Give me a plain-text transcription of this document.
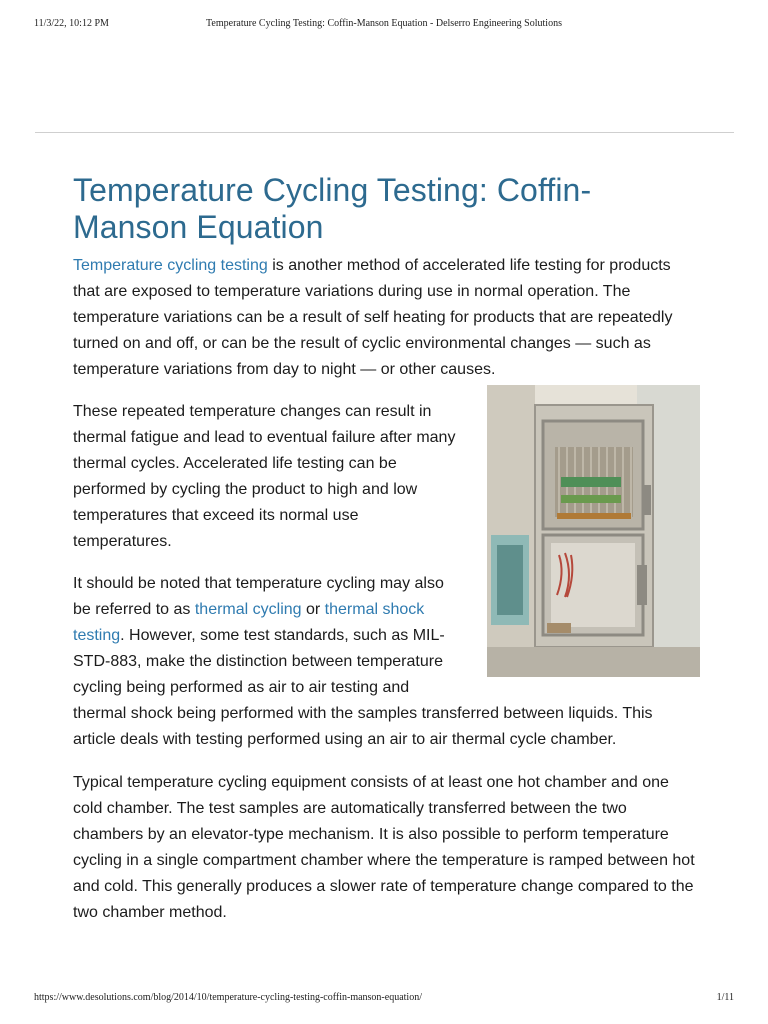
11/3/22, 10:12 PM	Temperature Cycling Testing: Coffin-Manson Equation - Delserro Engineering Solutions
Temperature Cycling Testing: Coffin-Manson Equation

Temperature cycling testing is another method of accelerated life testing for products that are exposed to temperature variations during use in normal operation. The temperature variations can be a result of self heating for products that are repeatedly turned on and off, or can be the result of cyclic environmental changes — such as temperature variations from day to night — or other causes.

These repeated temperature changes can result in thermal fatigue and lead to eventual failure after many thermal cycles. Accelerated life testing can be performed by cycling the product to high and low temperatures that exceed its normal use temperatures.

It should be noted that temperature cycling may also be referred to as thermal cycling or thermal shock testing. However, some test standards, such as MIL-STD-883, make the distinction between temperature cycling being performed as air to air testing and thermal shock being performed with the samples transferred between liquids. This article deals with testing performed using an air to air thermal cycle chamber.

Typical temperature cycling equipment consists of at least one hot chamber and one cold chamber. The test samples are automatically transferred between the two chambers by an elevator-type mechanism. It is also possible to perform temperature cycling in a single compartment chamber where the temperature is ramped between hot and cold. This generally produces a slower rate of temperature change compared to the two chamber method.

https://www.desolutions.com/blog/2014/10/temperature-cycling-testing-coffin-manson-equation/	1/11
